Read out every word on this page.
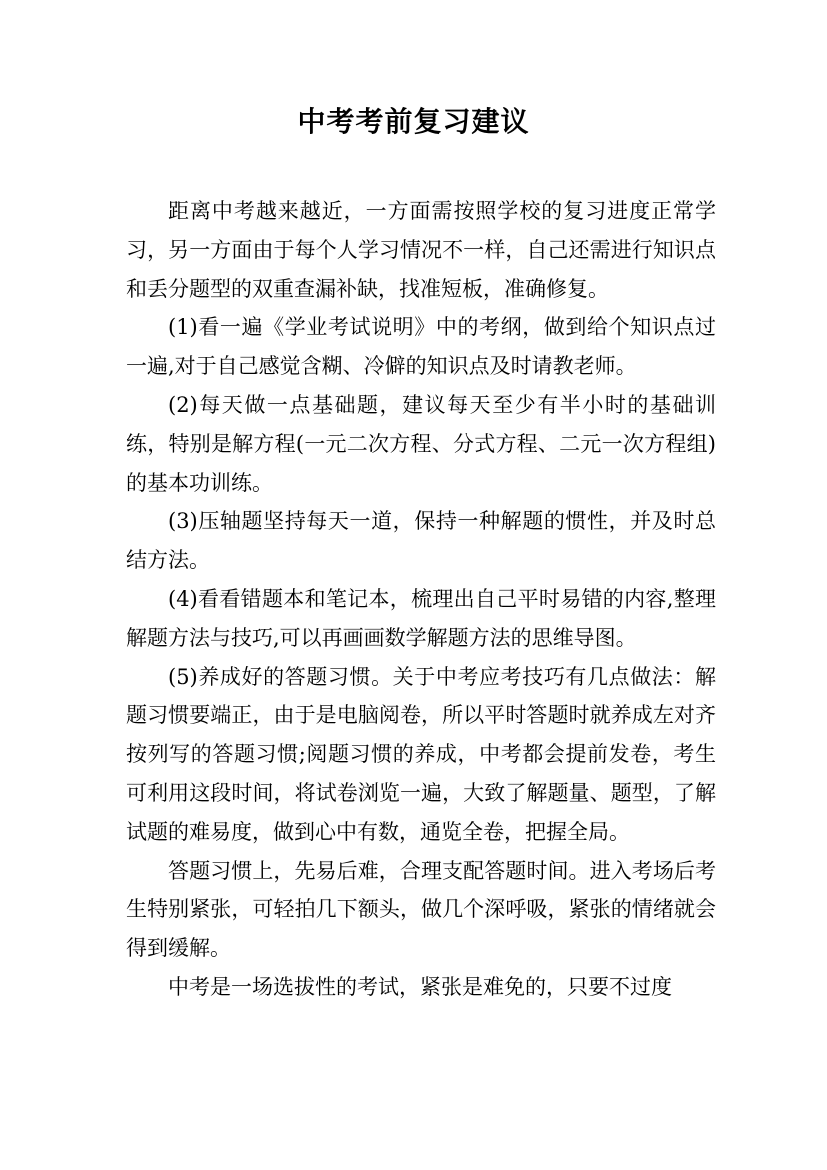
中考考前复习建议

距离中考越来越近，一方面需按照学校的复习进度正常学习，另一方面由于每个人学习情况不一样，自己还需进行知识点和丢分题型的双重查漏补缺，找准短板，准确修复。

(1)看一遍《学业考试说明》中的考纲，做到给个知识点过一遍,对于自己感觉含糊、冷僻的知识点及时请教老师。

(2)每天做一点基础题，建议每天至少有半小时的基础训练，特别是解方程(一元二次方程、分式方程、二元一次方程组)的基本功训练。

(3)压轴题坚持每天一道，保持一种解题的惯性，并及时总结方法。

(4)看看错题本和笔记本，梳理出自己平时易错的内容,整理解题方法与技巧,可以再画画数学解题方法的思维导图。

(5)养成好的答题习惯。关于中考应考技巧有几点做法：解题习惯要端正，由于是电脑阅卷，所以平时答题时就养成左对齐按列写的答题习惯;阅题习惯的养成，中考都会提前发卷，考生可利用这段时间，将试卷浏览一遍，大致了解题量、题型，了解试题的难易度，做到心中有数，通览全卷，把握全局。

答题习惯上，先易后难，合理支配答题时间。进入考场后考生特别紧张，可轻拍几下额头，做几个深呼吸，紧张的情绪就会得到缓解。

中考是一场选拔性的考试，紧张是难免的，只要不过度
